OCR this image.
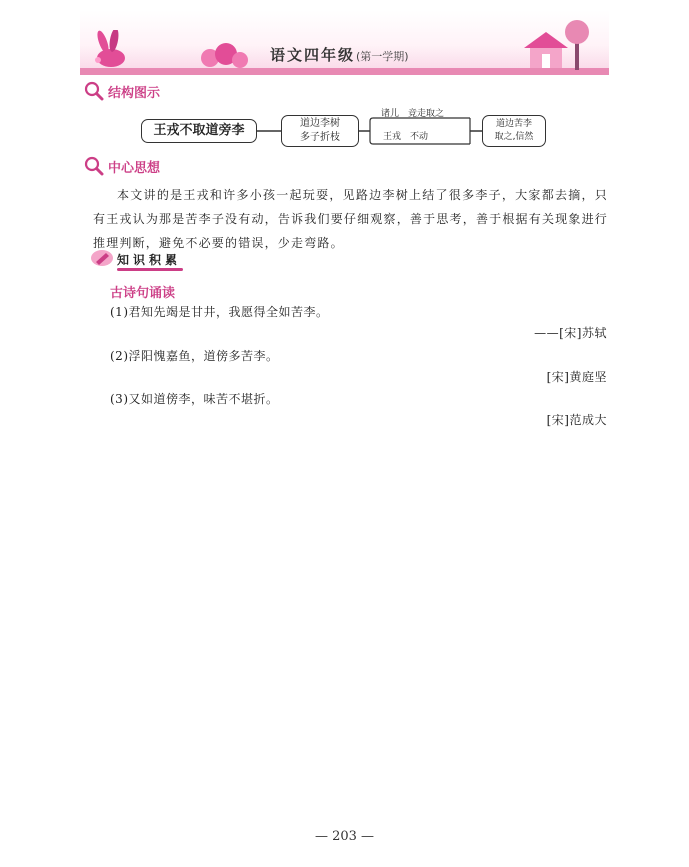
语文四年级 (第一学期)
结构图示
王戎不取道旁李	道边李树
多子折枝
诸儿　竞走取之
王戎　不动
道边苦李
取之,信然
中心思想
本文讲的是王戎和许多小孩一起玩耍，见路边李树上结了很多李子，大家都去摘，只有王戎认为那是苦李子没有动，告诉我们要仔细观察，善于思考，善于根据有关现象进行推理判断，避免不必要的错误，少走弯路。
知识积累
古诗句诵读
(1)君知先竭是甘井，我愿得全如苦李。
——[宋]苏轼
(2)浮阳愧嘉鱼，道傍多苦李。
[宋]黄庭坚
(3)又如道傍李，味苦不堪折。
[宋]范成大
— 203 —
